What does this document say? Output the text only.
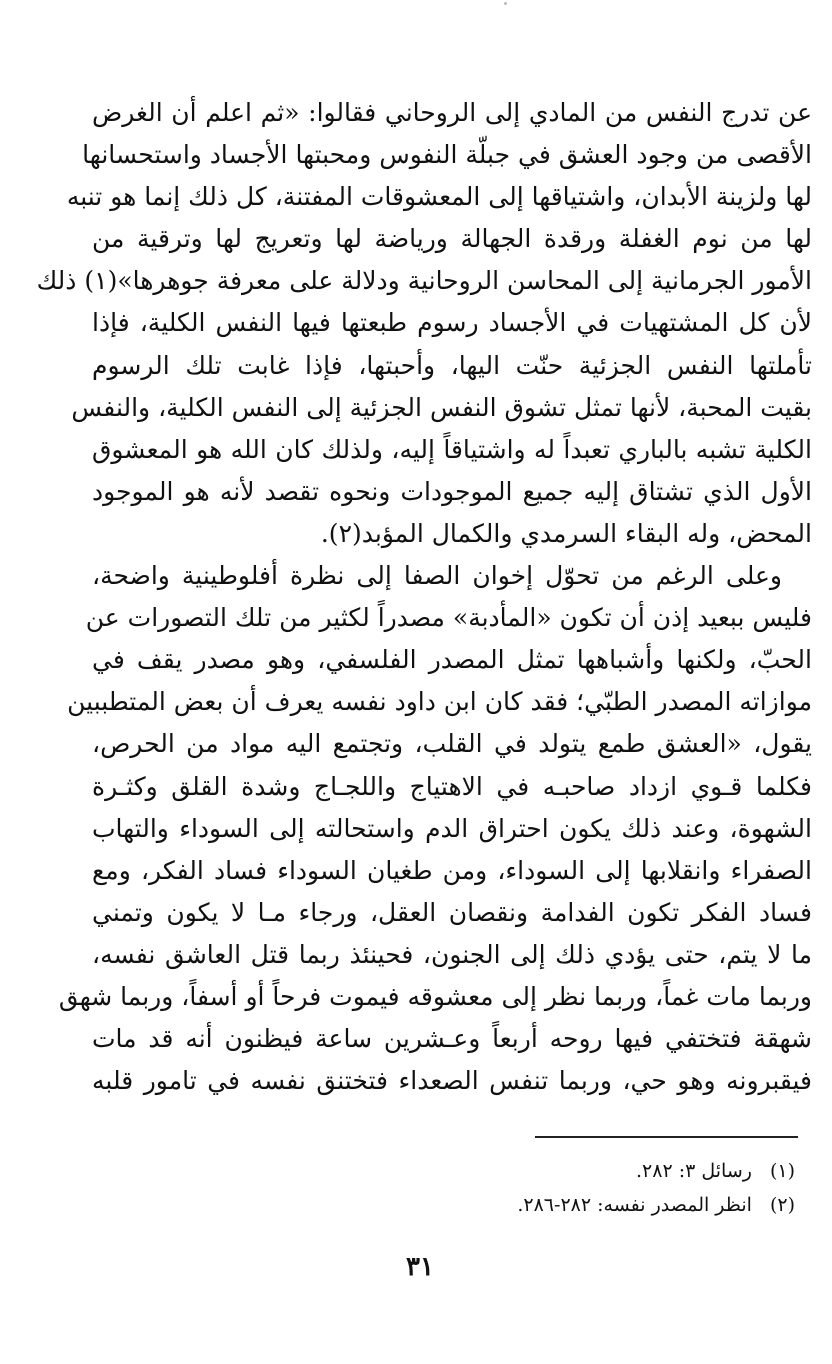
عن تدرج النفس من المادي إلى الروحاني فقالوا: «ثم اعلم أن الغرض
الأقصى من وجود العشق في جبلّة النفوس ومحبتها الأجساد واستحسانها
لها ولزينة الأبدان، واشتياقها إلى المعشوقات المفتنة، كل ذلك إنما هو تنبه
لها من نوم الغفلة ورقدة الجهالة ورياضة لها وتعريج لها وترقية من
الأمور الجرمانية إلى المحاسن الروحانية ودلالة على معرفة جوهرها»(١) ذلك
لأن كل المشتهيات في الأجساد رسوم طبعتها فيها النفس الكلية، فإذا
تأملتها النفس الجزئية حنّت اليها، وأحبتها، فإذا غابت تلك الرسوم
بقيت المحبة، لأنها تمثل تشوق النفس الجزئية إلى النفس الكلية، والنفس
الكلية تشبه بالباري تعبداً له واشتياقاً إليه، ولذلك كان الله هو المعشوق
الأول الذي تشتاق إليه جميع الموجودات ونحوه تقصد لأنه هو الموجود
المحض، وله البقاء السرمدي والكمال المؤبد(٢).
وعلى الرغم من تحوّل إخوان الصفا إلى نظرة أفلوطينية واضحة،
فليس ببعيد إذن أن تكون «المأدبة» مصدراً لكثير من تلك التصورات عن
الحبّ، ولكنها وأشباهها تمثل المصدر الفلسفي، وهو مصدر يقف في
موازاته المصدر الطبّي؛ فقد كان ابن داود نفسه يعرف أن بعض المتطببين
يقول، «العشق طمع يتولد في القلب، وتجتمع اليه مواد من الحرص،
فكلما قـوي ازداد صاحبـه في الاهتياج واللجـاج وشدة القلق وكثـرة
الشهوة، وعند ذلك يكون احتراق الدم واستحالته إلى السوداء والتهاب
الصفراء وانقلابها إلى السوداء، ومن طغيان السوداء فساد الفكر، ومع
فساد الفكر تكون الفدامة ونقصان العقل، ورجاء مـا لا يكون وتمني
ما لا يتم، حتى يؤدي ذلك إلى الجنون، فحينئذ ربما قتل العاشق نفسه،
وربما مات غماً، وربما نظر إلى معشوقه فيموت فرحاً أو أسفاً، وربما شهق
شهقة فتختفي فيها روحه أربعاً وعـشرين ساعة فيظنون أنه قد مات
فيقبرونه وهو حي، وربما تنفس الصعداء فتختنق نفسه في تامور قلبه
(١)رسائل ٣: ٢٨٢.
(٢)انظر المصدر نفسه: ٢٨٢-٢٨٦.
٣١
